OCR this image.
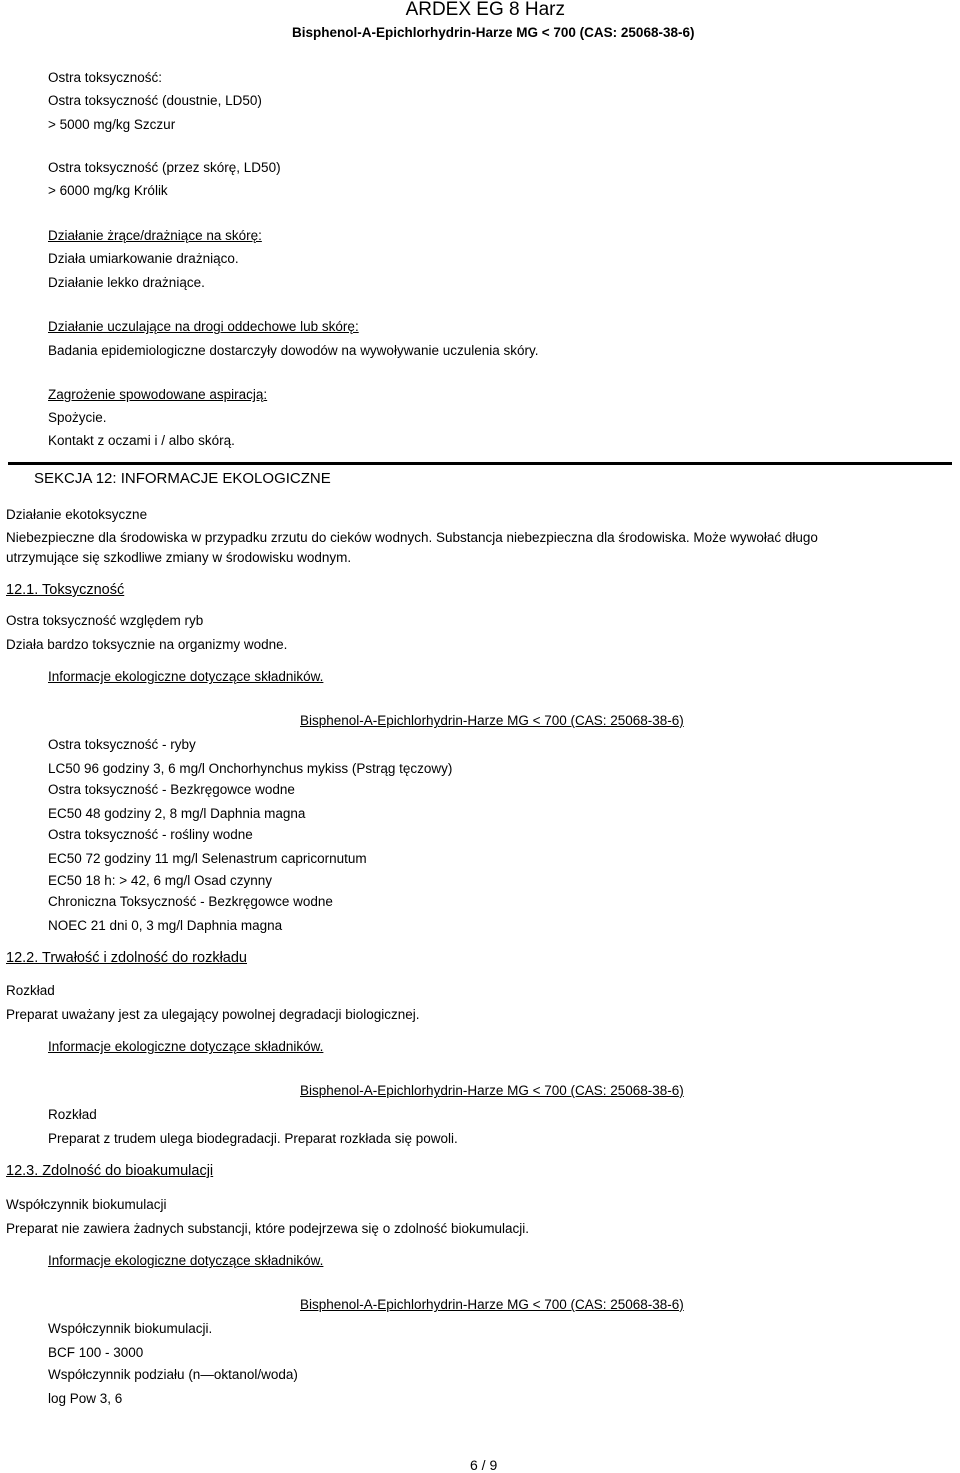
ARDEX EG 8 Harz
Bisphenol-A-Epichlorhydrin-Harze MG < 700 (CAS: 25068-38-6)
Ostra toksyczność:
Ostra toksyczność (doustnie, LD50)
> 5000 mg/kg Szczur
Ostra toksyczność (przez skórę, LD50)
> 6000 mg/kg Królik
Działanie żrące/drażniące na skórę:
Działa umiarkowanie drażniąco.
Działanie lekko drażniące.
Działanie uczulające na drogi oddechowe lub skórę:
Badania epidemiologiczne dostarczyły dowodów na wywoływanie uczulenia skóry.
Zagrożenie spowodowane aspiracją:
Spożycie.
Kontakt z oczami i / albo skórą.
SEKCJA 12: INFORMACJE EKOLOGICZNE
Działanie ekotoksyczne
Niebezpieczne dla środowiska w przypadku zrzutu do cieków wodnych. Substancja niebezpieczna dla środowiska. Może wywołać długo
utrzymujące się szkodliwe zmiany w środowisku wodnym.
12.1. Toksyczność
Ostra toksyczność względem ryb
Działa bardzo toksycznie na organizmy wodne.
Informacje ekologiczne dotyczące składników.
Bisphenol-A-Epichlorhydrin-Harze MG < 700 (CAS: 25068-38-6)
Ostra toksyczność - ryby
LC50 96 godziny 3, 6 mg/l Onchorhynchus mykiss (Pstrąg tęczowy)
Ostra toksyczność - Bezkręgowce wodne
EC50 48 godziny 2, 8 mg/l Daphnia magna
Ostra toksyczność - rośliny wodne
EC50 72 godziny 11 mg/l Selenastrum capricornutum
EC50 18 h: > 42, 6 mg/l Osad czynny
Chroniczna Toksyczność - Bezkręgowce wodne
NOEC 21 dni 0, 3 mg/l Daphnia magna
12.2. Trwałość i zdolność do rozkładu
Rozkład
Preparat uważany jest za ulegający powolnej degradacji biologicznej.
Informacje ekologiczne dotyczące składników.
Bisphenol-A-Epichlorhydrin-Harze MG < 700 (CAS: 25068-38-6)
Rozkład
Preparat z trudem ulega biodegradacji. Preparat rozkłada się powoli.
12.3. Zdolność do bioakumulacji
Współczynnik biokumulacji
Preparat nie zawiera żadnych substancji, które podejrzewa się o zdolność biokumulacji.
Informacje ekologiczne dotyczące składników.
Bisphenol-A-Epichlorhydrin-Harze MG < 700 (CAS: 25068-38-6)
Współczynnik biokumulacji.
BCF 100 - 3000
Współczynnik podziału (n—oktanol/woda)
log Pow 3, 6
6 / 9
